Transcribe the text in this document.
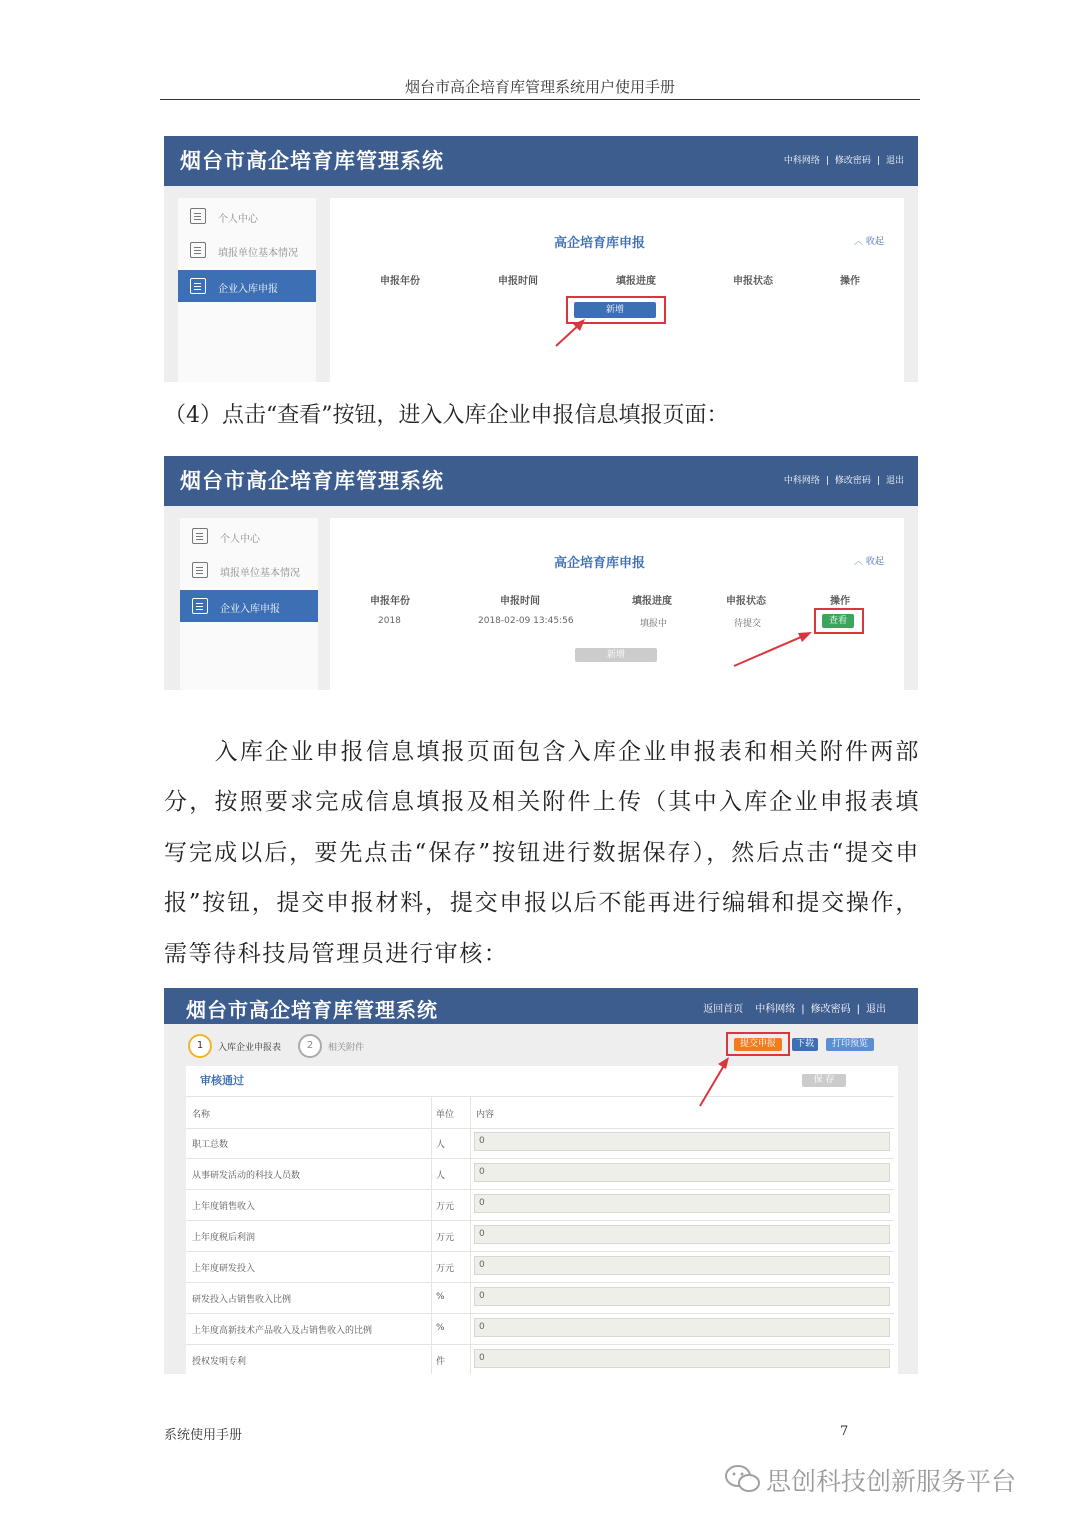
烟台市高企培育库管理系统用户使用手册
烟台市高企培育库管理系统	中科网络 | 修改密码 | 退出
个人中心
填报单位基本情况
企业入库申报
高企培育库申报	︿ 收起
申报年份	申报时间	填报进度	申报状态	操作
新增
（4）点击“查看”按钮，进入入库企业申报信息填报页面：
烟台市高企培育库管理系统	中科网络 | 修改密码 | 退出
个人中心
填报单位基本情况
企业入库申报
高企培育库申报	︿ 收起
申报年份	申报时间	填报进度	申报状态	操作
2018	2018-02-09 13:45:56	填报中	待提交	查看
新增
入库企业申报信息填报页面包含入库企业申报表和相关附件两部分，按照要求完成信息填报及相关附件上传（其中入库企业申报表填写完成以后，要先点击“保存”按钮进行数据保存），然后点击“提交申报”按钮，提交申报材料，提交申报以后不能再进行编辑和提交操作，需等待科技局管理员进行审核：
烟台市高企培育库管理系统	返回首页 中科网络 | 修改密码 | 退出
1	入库企业申报表	2	相关附件	提交申报	下载	打印预览
审核通过	保 存
名称	单位 内容
职工总数	人	0
从事研发活动的科技人员数	人	0
上年度销售收入	万元	0
上年度税后利润	万元	0
上年度研发投入	万元	0
研发投入占销售收入比例	%	0
上年度高新技术产品收入及占销售收入的比例	%	0
授权发明专利	件	0
系统使用手册	7
思创科技创新服务平台
